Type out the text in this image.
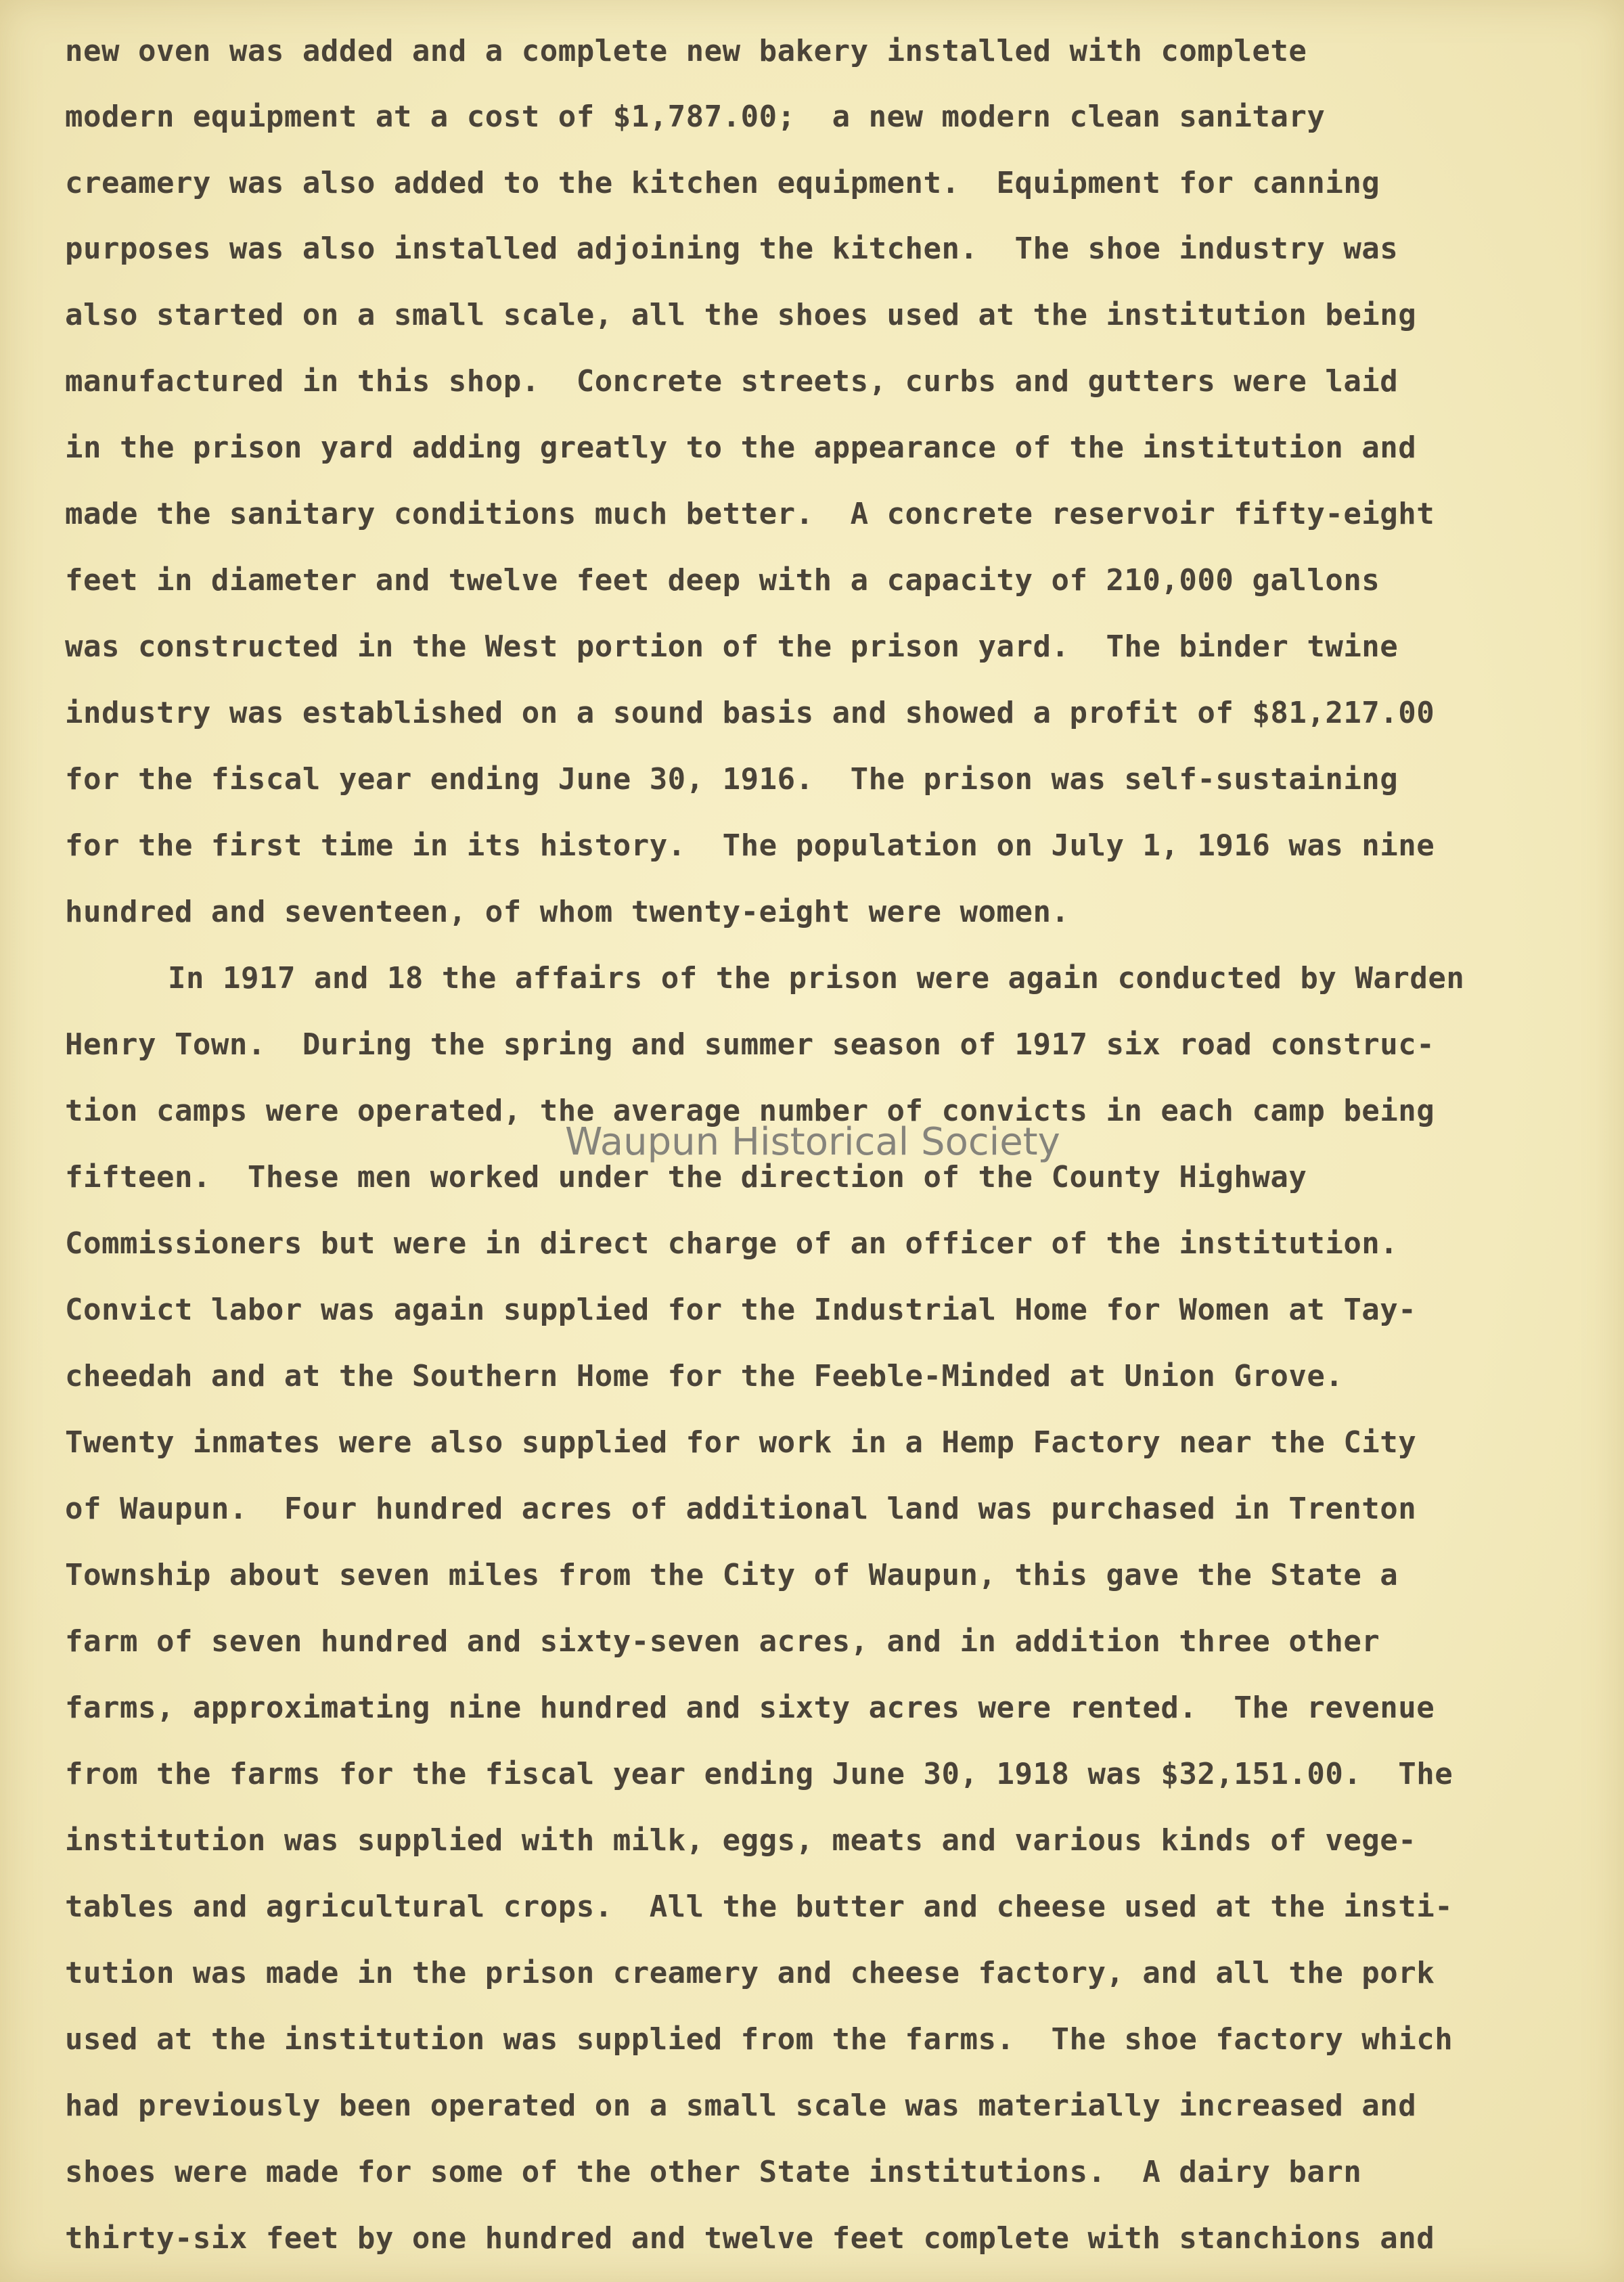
new oven was added and a complete new bakery installed with complete
modern equipment at a cost of $1,787.00;  a new modern clean sanitary
creamery was also added to the kitchen equipment.  Equipment for canning
purposes was also installed adjoining the kitchen.  The shoe industry was
also started on a small scale, all the shoes used at the institution being
manufactured in this shop.  Concrete streets, curbs and gutters were laid
in the prison yard adding greatly to the appearance of the institution and
made the sanitary conditions much better.  A concrete reservoir fifty-eight
feet in diameter and twelve feet deep with a capacity of 210,000 gallons
was constructed in the West portion of the prison yard.  The binder twine
industry was established on a sound basis and showed a profit of $81,217.00
for the fiscal year ending June 30, 1916.  The prison was self-sustaining
for the first time in its history.  The population on July 1, 1916 was nine
hundred and seventeen, of whom twenty-eight were women.
In 1917 and 18 the affairs of the prison were again conducted by Warden
Henry Town.  During the spring and summer season of 1917 six road construc-
tion camps were operated, the average number of convicts in each camp being
fifteen.  These men worked under the direction of the County Highway
Commissioners but were in direct charge of an officer of the institution.
Convict labor was again supplied for the Industrial Home for Women at Tay-
cheedah and at the Southern Home for the Feeble-Minded at Union Grove.
Twenty inmates were also supplied for work in a Hemp Factory near the City
of Waupun.  Four hundred acres of additional land was purchased in Trenton
Township about seven miles from the City of Waupun, this gave the State a
farm of seven hundred and sixty-seven acres, and in addition three other
farms, approximating nine hundred and sixty acres were rented.  The revenue
from the farms for the fiscal year ending June 30, 1918 was $32,151.00.  The
institution was supplied with milk, eggs, meats and various kinds of vege-
tables and agricultural crops.  All the butter and cheese used at the insti-
tution was made in the prison creamery and cheese factory, and all the pork
used at the institution was supplied from the farms.  The shoe factory which
had previously been operated on a small scale was materially increased and
shoes were made for some of the other State institutions.  A dairy barn
thirty-six feet by one hundred and twelve feet complete with stanchions and
Waupun Historical Society
